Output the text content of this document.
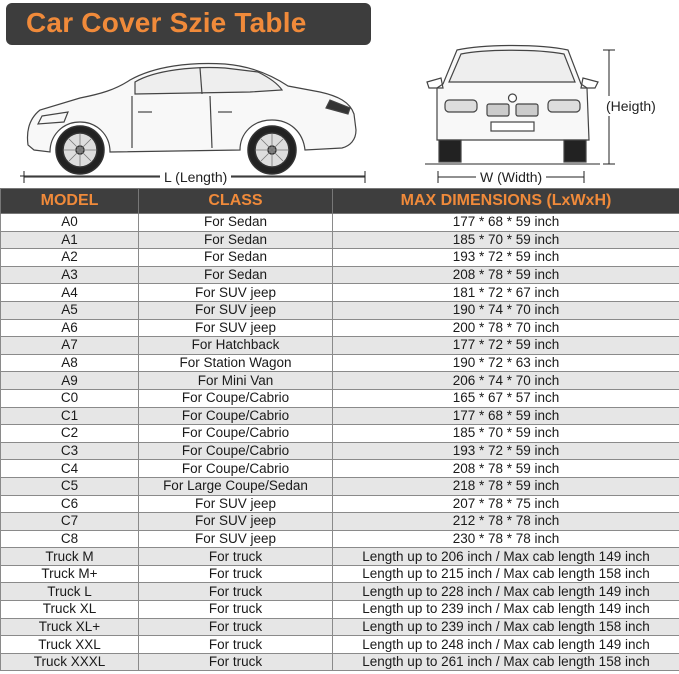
Car Cover Szie Table
L (Length)
(Heigth)
W (Width)
MODEL	CLASS	MAX DIMENSIONS (LxWxH)
A0	For Sedan	177 * 68 * 59 inch
A1	For Sedan	185 * 70 * 59 inch
A2	For Sedan	193 * 72 * 59 inch
A3	For Sedan	208 * 78 * 59 inch
A4	For SUV jeep	181 * 72 * 67 inch
A5	For SUV jeep	190 * 74 * 70 inch
A6	For SUV jeep	200 * 78 * 70 inch
A7	For Hatchback	177 * 72 * 59 inch
A8	For Station Wagon	190 * 72 * 63 inch
A9	For Mini Van	206 * 74 * 70 inch
C0	For Coupe/Cabrio	165 * 67 * 57 inch
C1	For Coupe/Cabrio	177 * 68 * 59 inch
C2	For Coupe/Cabrio	185 * 70 * 59 inch
C3	For Coupe/Cabrio	193 * 72 * 59 inch
C4	For Coupe/Cabrio	208 * 78 * 59 inch
C5	For Large Coupe/Sedan	218 * 78 * 59 inch
C6	For SUV jeep	207 * 78 * 75 inch
C7	For SUV jeep	212 * 78 * 78 inch
C8	For SUV jeep	230 * 78 * 78 inch
Truck M	For truck	Length up to 206 inch / Max cab length 149 inch
Truck M+	For truck	Length up to 215 inch / Max cab length 158 inch
Truck L	For truck	Length up to 228 inch / Max cab length 149 inch
Truck XL	For truck	Length up to 239 inch / Max cab length 149 inch
Truck XL+	For truck	Length up to 239 inch / Max cab length 158 inch
Truck XXL	For truck	Length up to 248 inch / Max cab length 149 inch
Truck XXXL	For truck	Length up to 261 inch / Max cab length 158 inch
